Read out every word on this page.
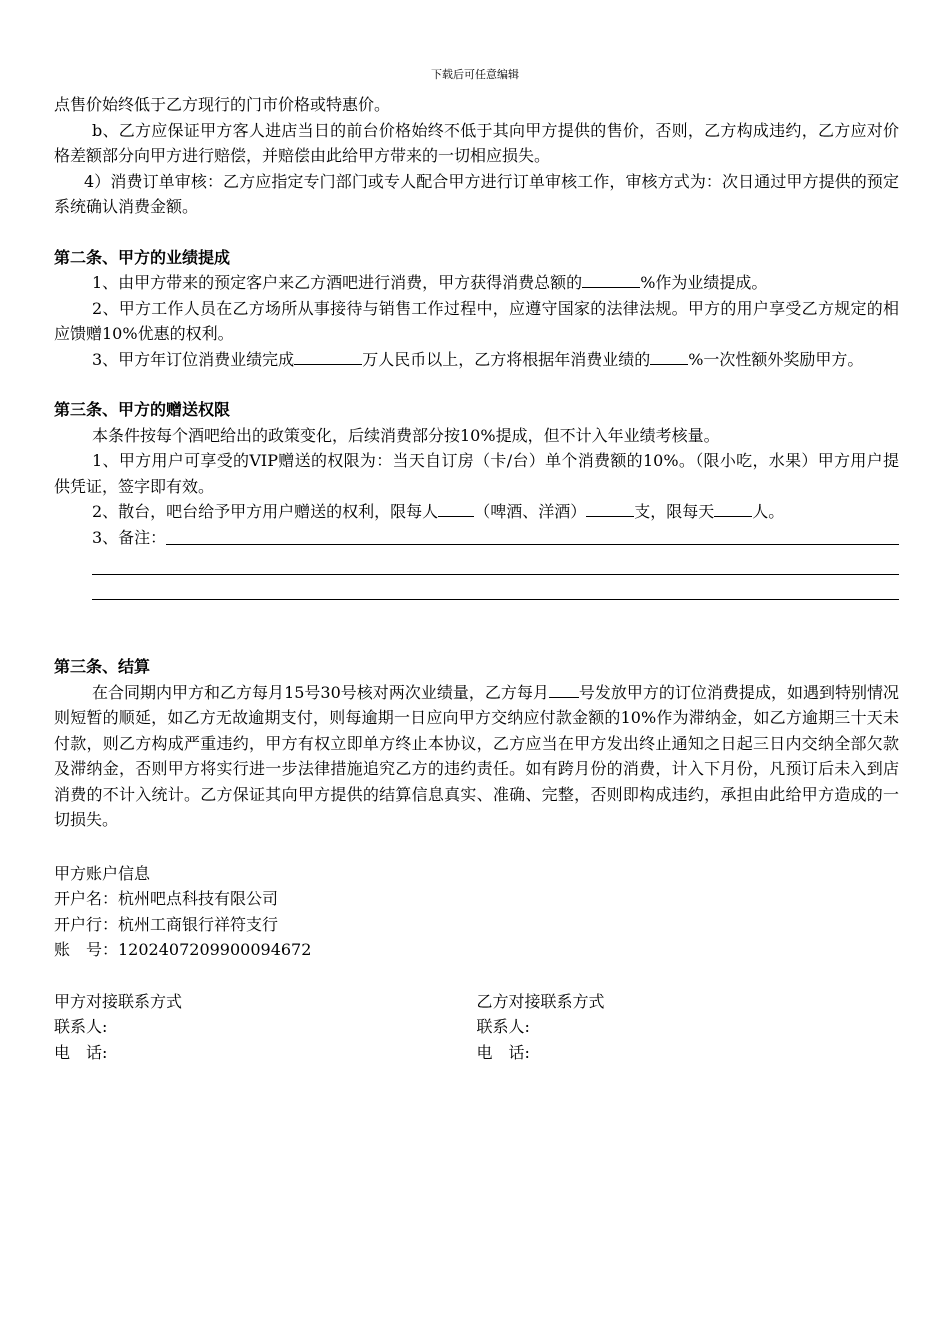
下载后可任意编辑

点售价始终低于乙方现行的门市价格或特惠价。

b、乙方应保证甲方客人进店当日的前台价格始终不低于其向甲方提供的售价，否则，乙方构成违约，乙方应对价格差额部分向甲方进行赔偿，并赔偿由此给甲方带来的一切相应损失。

4）消费订单审核：乙方应指定专门部门或专人配合甲方进行订单审核工作，审核方式为：次日通过甲方提供的预定系统确认消费金额。

第二条、甲方的业绩提成

1、由甲方带来的预定客户来乙方酒吧进行消费，甲方获得消费总额的	%作为业绩提成。

2、甲方工作人员在乙方场所从事接待与销售工作过程中，应遵守国家的法律法规。甲方的用户享受乙方规定的相应馈赠10%优惠的权利。

3、甲方年订位消费业绩完成	万人民币以上，乙方将根据年消费业绩的 %一次性额外奖励甲方。

第三条、甲方的赠送权限

本条件按每个酒吧给出的政策变化，后续消费部分按10%提成，但不计入年业绩考核量。

1、甲方用户可享受的VIP赠送的权限为：当天自订房（卡/台）单个消费额的10%。（限小吃，水果）甲方用户提供凭证，签字即有效。

2、散台，吧台给予甲方用户赠送的权利，限每人 （啤酒、洋酒）	支，限每天 人。

3、备注：

第三条、结算

在合同期内甲方和乙方每月15号30号核对两次业绩量，乙方每月 号发放甲方的订位消费提成，如遇到特别情况则短暂的顺延，如乙方无故逾期支付，则每逾期一日应向甲方交纳应付款金额的10%作为滞纳金，如乙方逾期三十天未付款，则乙方构成严重违约，甲方有权立即单方终止本协议，乙方应当在甲方发出终止通知之日起三日内交纳全部欠款及滞纳金，否则甲方将实行进一步法律措施追究乙方的违约责任。如有跨月份的消费，计入下月份，凡预订后未入到店消费的不计入统计。乙方保证其向甲方提供的结算信息真实、准确、完整，否则即构成违约，承担由此给甲方造成的一切损失。

甲方账户信息

开户名：杭州吧点科技有限公司

开户行：杭州工商银行祥符支行

账　号：1202407209900094672

甲方对接联系方式

联系人:

电　话:

乙方对接联系方式

联系人:

电　话:
